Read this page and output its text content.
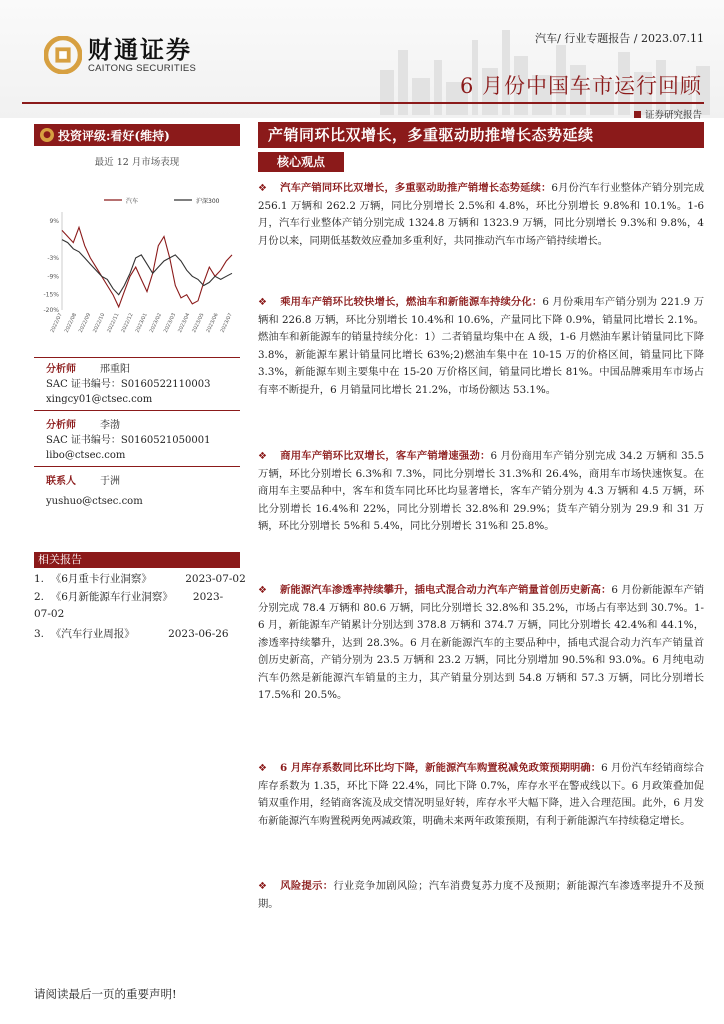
财通证券
CAITONG SECURITIES
汽车/ 行业专题报告 / 2023.07.11
6 月份中国车市运行回顾
证券研究报告
投资评级:看好(维持)
●
最近 12 月市场表现
汽车	沪深300
9%
-3%
-9%
-15%
-20%
2022/07 2022/08 2022/09 2022/10 2022/11 2022/12 2023/01 2023/02 2023/03 2023/04 2023/05 2023/06 2023/07
分析师 邢重阳
SAC 证书编号：S0160522110003
xingcy01@ctsec.com
分析师 李渤
SAC 证书编号：S0160521050001
libo@ctsec.com
联系人 于洲
yushuo@ctsec.com
相关报告
1.  《6月重卡行业洞察》          2023-07-02
2.  《6月新能源车行业洞察》      2023-
07-02
3.  《汽车行业周报》          2023-06-26
产销同环比双增长，多重驱动助推增长态势延续
核心观点
❖ 汽车产销同环比双增长，多重驱动助推产销增长态势延续：6月份汽车行业整体产销分别完成 256.1 万辆和 262.2 万辆，同比分别增长 2.5%和 4.8%，环比分别增长 9.8%和 10.1%。1-6 月，汽车行业整体产销分别完成 1324.8 万辆和 1323.9 万辆，同比分别增长 9.3%和 9.8%，4 月份以来，同期低基数效应叠加多重利好，共同推动汽车市场产销持续增长。
❖ 乘用车产销环比较快增长，燃油车和新能源车持续分化：6 月份乘用车产销分别为 221.9 万辆和 226.8 万辆，环比分别增长 10.4%和 10.6%，产量同比下降 0.9%，销量同比增长 2.1%。燃油车和新能源车的销量持续分化：1）二者销量均集中在 A 级，1-6 月燃油车累计销量同比下降 3.8%，新能源车累计销量同比增长 63%;2)燃油车集中在 10-15 万的价格区间，销量同比下降 3.3%，新能源车则主要集中在 15-20 万价格区间，销量同比增长 81%。中国品牌乘用车市场占有率不断提升，6 月销量同比增长 21.2%，市场份额达 53.1%。
❖ 商用车产销环比双增长，客车产销增速强劲：6 月份商用车产销分别完成 34.2 万辆和 35.5 万辆，环比分别增长 6.3%和 7.3%，同比分别增长 31.3%和 26.4%，商用车市场快速恢复。在商用车主要品种中，客车和货车同比环比均显著增长，客车产销分别为 4.3 万辆和 4.5 万辆，环比分别增长 16.4%和 22%，同比分别增长 32.8%和 29.9%；货车产销分别为 29.9 和 31 万辆，环比分别增长 5%和 5.4%，同比分别增长 31%和 25.8%。
❖ 新能源汽车渗透率持续攀升，插电式混合动力汽车产销量首创历史新高：6 月份新能源车产销分别完成 78.4 万辆和 80.6 万辆，同比分别增长 32.8%和 35.2%，市场占有率达到 30.7%。1-6 月，新能源车产销累计分别达到 378.8 万辆和 374.7 万辆，同比分别增长 42.4%和 44.1%，渗透率持续攀升，达到 28.3%。6 月在新能源汽车的主要品种中，插电式混合动力汽车产销量首创历史新高，产销分别为 23.5 万辆和 23.2 万辆，同比分别增加 90.5%和 93.0%。6 月纯电动汽车仍然是新能源汽车销量的主力，其产销量分别达到 54.8 万辆和 57.3 万辆，同比分别增长 17.5%和 20.5%。
❖ 6 月库存系数同比环比均下降，新能源汽车购置税减免政策预期明确：6 月份汽车经销商综合库存系数为 1.35，环比下降 22.4%，同比下降 0.7%，库存水平在警戒线以下。6 月政策叠加促销双重作用，经销商客流及成交情况明显好转，库存水平大幅下降，进入合理范围。此外，6 月发布新能源汽车购置税两免两减政策，明确未来两年政策预期，有利于新能源汽车持续稳定增长。
❖ 风险提示：行业竞争加剧风险；汽车消费复苏力度不及预期；新能源汽车渗透率提升不及预期。
请阅读最后一页的重要声明!
